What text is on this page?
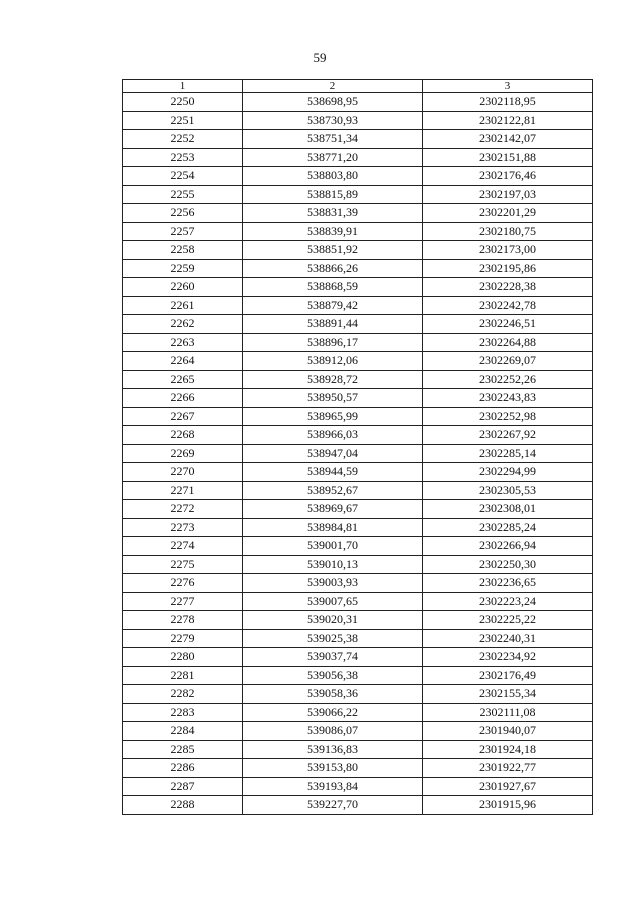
59
1	2	3
2250	538698,95	2302118,95
2251	538730,93	2302122,81
2252	538751,34	2302142,07
2253	538771,20	2302151,88
2254	538803,80	2302176,46
2255	538815,89	2302197,03
2256	538831,39	2302201,29
2257	538839,91	2302180,75
2258	538851,92	2302173,00
2259	538866,26	2302195,86
2260	538868,59	2302228,38
2261	538879,42	2302242,78
2262	538891,44	2302246,51
2263	538896,17	2302264,88
2264	538912,06	2302269,07
2265	538928,72	2302252,26
2266	538950,57	2302243,83
2267	538965,99	2302252,98
2268	538966,03	2302267,92
2269	538947,04	2302285,14
2270	538944,59	2302294,99
2271	538952,67	2302305,53
2272	538969,67	2302308,01
2273	538984,81	2302285,24
2274	539001,70	2302266,94
2275	539010,13	2302250,30
2276	539003,93	2302236,65
2277	539007,65	2302223,24
2278	539020,31	2302225,22
2279	539025,38	2302240,31
2280	539037,74	2302234,92
2281	539056,38	2302176,49
2282	539058,36	2302155,34
2283	539066,22	2302111,08
2284	539086,07	2301940,07
2285	539136,83	2301924,18
2286	539153,80	2301922,77
2287	539193,84	2301927,67
2288	539227,70	2301915,96
